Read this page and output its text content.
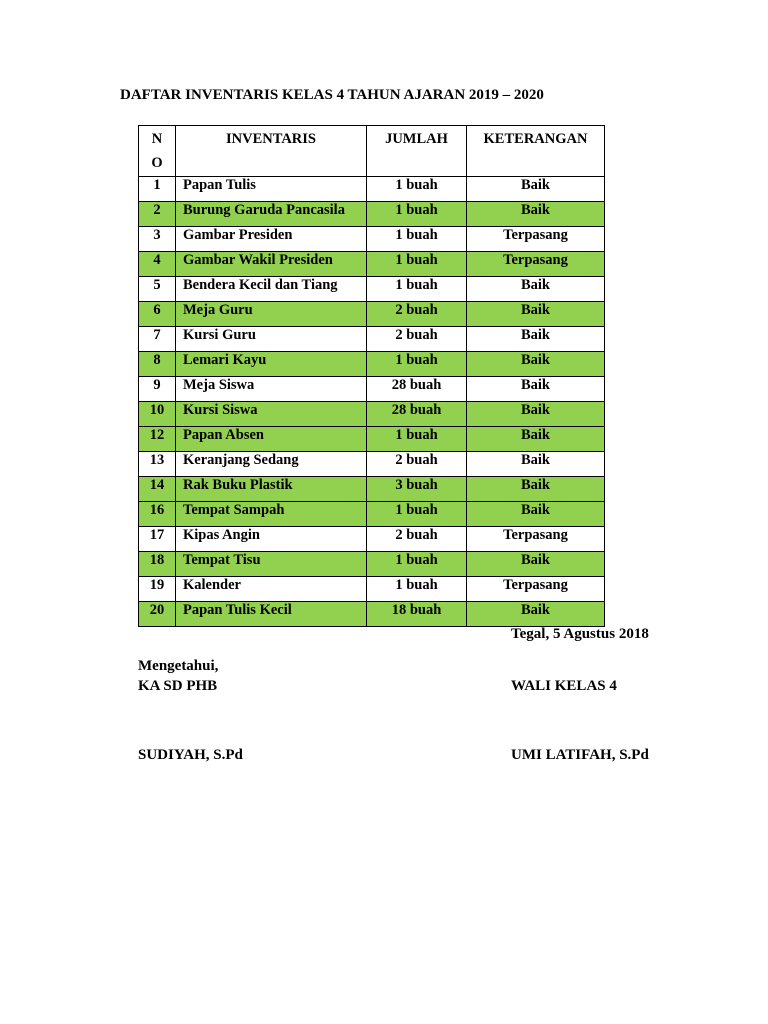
DAFTAR INVENTARIS KELAS 4 TAHUN AJARAN 2019 – 2020
N
O	INVENTARIS	JUMLAH	KETERANGAN
1	Papan Tulis	1 buah	Baik
2	Burung Garuda Pancasila	1 buah	Baik
3	Gambar Presiden	1 buah	Terpasang
4	Gambar Wakil Presiden	1 buah	Terpasang
5	Bendera Kecil dan Tiang	1 buah	Baik
6	Meja Guru	2 buah	Baik
7	Kursi Guru	2 buah	Baik
8	Lemari Kayu	1 buah	Baik
9	Meja Siswa	28 buah	Baik
10	Kursi Siswa	28 buah	Baik
12	Papan Absen	1 buah	Baik
13	Keranjang Sedang	2 buah	Baik
14	Rak Buku Plastik	3 buah	Baik
16	Tempat Sampah	1 buah	Baik
17	Kipas Angin	2 buah	Terpasang
18	Tempat Tisu	1 buah	Baik
19	Kalender	1 buah	Terpasang
20	Papan Tulis Kecil	18 buah	Baik
Tegal, 5 Agustus 2018
Mengetahui,
KA SD PHB	WALI KELAS 4
SUDIYAH, S.Pd	UMI LATIFAH, S.Pd
